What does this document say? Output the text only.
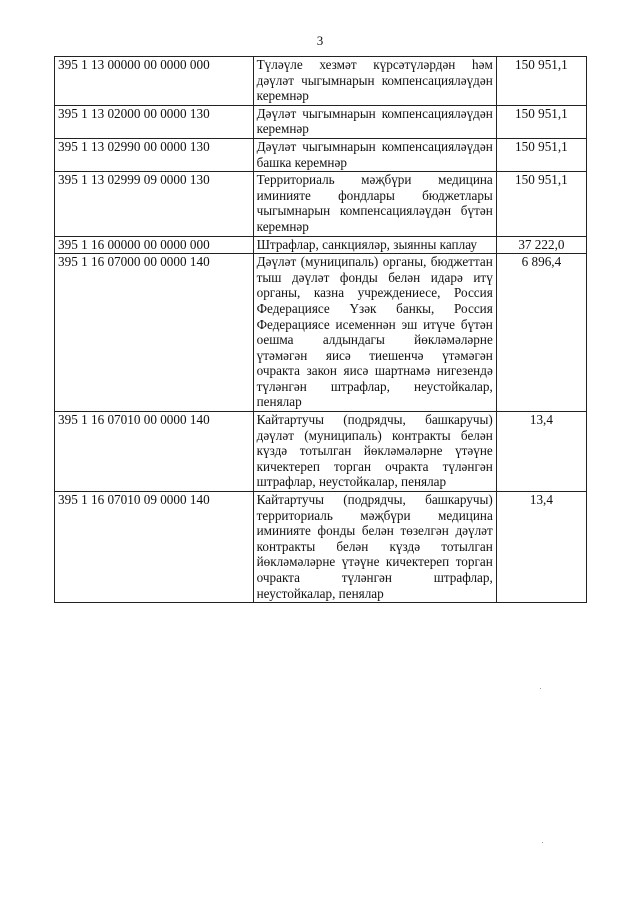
3
395 1 13 00000 00 0000 000	Түләүле хезмәт күрсәтүләрдән һәм дәүләт чыгымнарын компенсацияләүдән керемнәр	150 951,1
395 1 13 02000 00 0000 130	Дәүләт чыгымнарын компенсацияләүдән керемнәр	150 951,1
395 1 13 02990 00 0000 130	Дәүләт чыгымнарын компенсацияләүдән башка керемнәр	150 951,1
395 1 13 02999 09 0000 130	Территориаль мәҗбүри медицина иминияте фондлары бюджетлары чыгымнарын компенсацияләүдән бүтән керемнәр	150 951,1
395 1 16 00000 00 0000 000	Штрафлар, санкцияләр, зыянны каплау	37 222,0
395 1 16 07000 00 0000 140	Дәүләт (муниципаль) органы, бюджеттан тыш дәүләт фонды белән идарә итү органы, казна учреждениесе, Россия Федерациясе Үзәк банкы, Россия Федерациясе исеменнән эш итүче бүтән оешма алдындагы йөкләмәләрне үтәмәгән яисә тиешенчә үтәмәгән очракта закон яисә шартнамә нигезендә түләнгән штрафлар, неустойкалар, пенялар	6 896,4
395 1 16 07010 00 0000 140	Кайтартучы (подрядчы, башкаручы) дәүләт (муниципаль) контракты белән күздә тотылган йөкләмәләрне үтәүне кичектереп торган очракта түләнгән штрафлар, неустойкалар, пенялар	13,4
395 1 16 07010 09 0000 140	Кайтартучы (подрядчы, башкаручы) территориаль мәҗбүри медицина иминияте фонды белән төзелгән дәүләт контракты белән күздә тотылган йөкләмәләрне үтәүне кичектереп торган очракта түләнгән штрафлар, неустойкалар, пенялар	13,4
